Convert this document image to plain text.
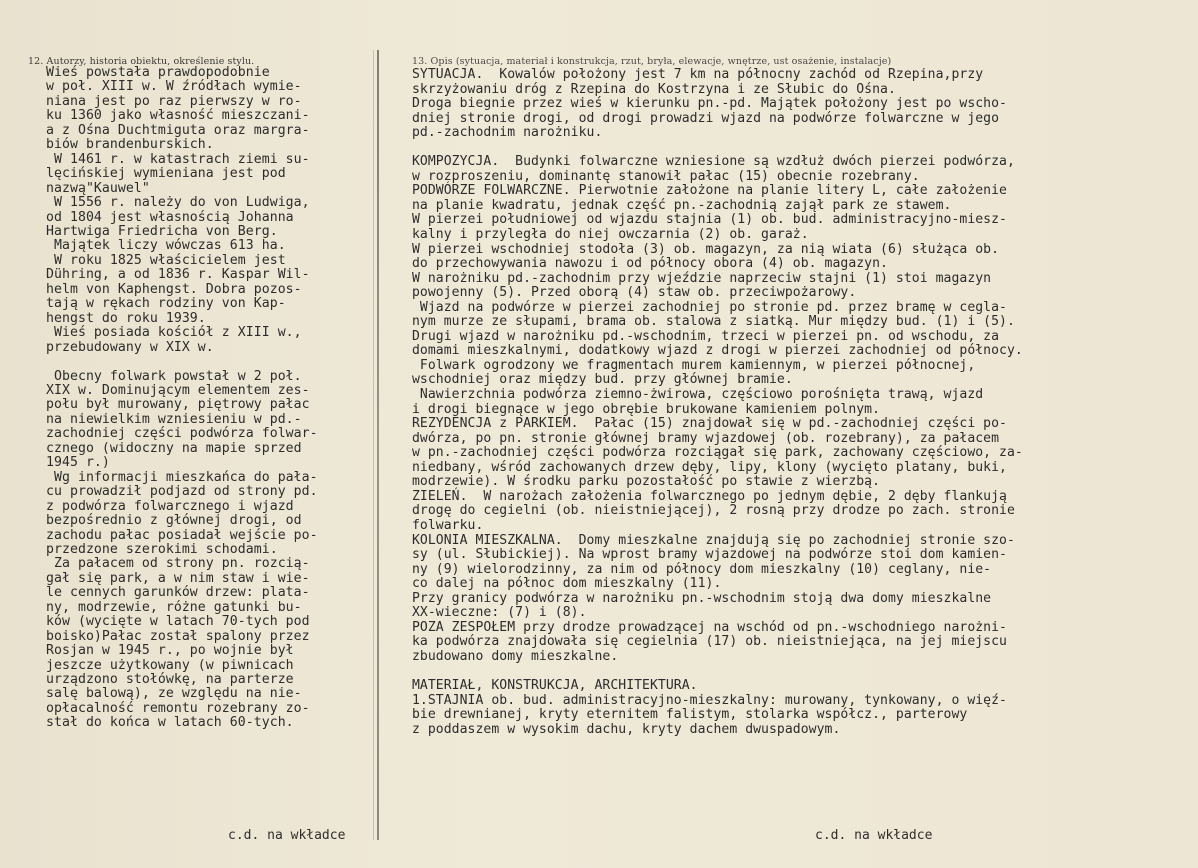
12. Autorzy, historia obiektu, określenie stylu.	13. Opis (sytuacja, materiał i konstrukcja, rzut, bryła, elewacje, wnętrze, ust osażenie, instalacje)
Wieś powstała prawdopodobnie
w poł. XIII w. W źródłach wymie-
niana jest po raz pierwszy w ro-
ku 1360 jako własność mieszczani-
a z Ośna Duchtmiguta oraz margra-
biów brandenburskich.
W 1461 r. w katastrach ziemi su-
lęcińskiej wymieniana jest pod
nazwą"Kauwel"
W 1556 r. należy do von Ludwiga,
od 1804 jest własnością Johanna
Hartwiga Friedricha von Berg.
Majątek liczy wówczas 613 ha.
W roku 1825 właścicielem jest
Dühring, a od 1836 r. Kaspar Wil-
helm von Kaphengst. Dobra pozos-
tają w rękach rodziny von Kap-
hengst do roku 1939.
Wieś posiada kościół z XIII w.,
przebudowany w XIX w.

Obecny folwark powstał w 2 poł.
XIX w. Dominującym elementem zes-
połu był murowany, piętrowy pałac
na niewielkim wzniesieniu w pd.-
zachodniej części podwórza folwar-
cznego (widoczny na mapie sprzed
1945 r.)
Wg informacji mieszkańca do pała-
cu prowadził podjazd od strony pd.
z podwórza folwarcznego i wjazd
bezpośrednio z głównej drogi, od
zachodu pałac posiadał wejście po-
przedzone szerokimi schodami.
Za pałacem od strony pn. rozcią-
gał się park, a w nim staw i wie-
le cennych garunków drzew: plata-
ny, modrzewie, różne gatunki bu-
ków (wycięte w latach 70-tych pod
boisko)Pałac został spalony przez
Rosjan w 1945 r., po wojnie był
jeszcze użytkowany (w piwnicach
urządzono stołówkę, na parterze
salę balową), ze względu na nie-
opłacalność remontu rozebrany zo-
stał do końca w latach 60-tych.
SYTUACJA.  Kowalów położony jest 7 km na północny zachód od Rzepina,przy
skrzyżowaniu dróg z Rzepina do Kostrzyna i ze Słubic do Ośna.
Droga biegnie przez wieś w kierunku pn.-pd. Majątek położony jest po wscho-
dniej stronie drogi, od drogi prowadzi wjazd na podwórze folwarczne w jego
pd.-zachodnim narożniku.

KOMPOZYCJA.  Budynki folwarczne wzniesione są wzdłuż dwóch pierzei podwórza,
w rozproszeniu, dominantę stanowił pałac (15) obecnie rozebrany.
PODWÓRZE FOLWARCZNE. Pierwotnie założone na planie litery L, całe założenie
na planie kwadratu, jednak część pn.-zachodnią zajął park ze stawem.
W pierzei południowej od wjazdu stajnia (1) ob. bud. administracyjno-miesz-
kalny i przyległa do niej owczarnia (2) ob. garaż.
W pierzei wschodniej stodoła (3) ob. magazyn, za nią wiata (6) służąca ob.
do przechowywania nawozu i od północy obora (4) ob. magazyn.
W narożniku pd.-zachodnim przy wjeździe naprzeciw stajni (1) stoi magazyn
powojenny (5). Przed oborą (4) staw ob. przeciwpożarowy.
Wjazd na podwórze w pierzei zachodniej po stronie pd. przez bramę w cegla-
nym murze ze słupami, brama ob. stalowa z siatką. Mur między bud. (1) i (5).
Drugi wjazd w narożniku pd.-wschodnim, trzeci w pierzei pn. od wschodu, za
domami mieszkalnymi, dodatkowy wjazd z drogi w pierzei zachodniej od północy.
Folwark ogrodzony we fragmentach murem kamiennym, w pierzei północnej,
wschodniej oraz między bud. przy głównej bramie.
Nawierzchnia podwórza ziemno-żwirowa, częściowo porośnięta trawą, wjazd
i drogi biegnące w jego obrębie brukowane kamieniem polnym.
REZYDENCJA z PARKIEM.  Pałac (15) znajdował się w pd.-zachodniej części po-
dwórza, po pn. stronie głównej bramy wjazdowej (ob. rozebrany), za pałacem
w pn.-zachodniej części podwórza rozciągał się park, zachowany częściowo, za-
niedbany, wśród zachowanych drzew dęby, lipy, klony (wycięto platany, buki,
modrzewie). W środku parku pozostałość po stawie z wierzbą.
ZIELEŃ.  W narożach założenia folwarcznego po jednym dębie, 2 dęby flankują
drogę do cegielni (ob. nieistniejącej), 2 rosną przy drodze po zach. stronie
folwarku.
KOLONIA MIESZKALNA.  Domy mieszkalne znajdują się po zachodniej stronie szo-
sy (ul. Słubickiej). Na wprost bramy wjazdowej na podwórze stoi dom kamien-
ny (9) wielorodzinny, za nim od północy dom mieszkalny (10) ceglany, nie-
co dalej na północ dom mieszkalny (11).
Przy granicy podwórza w narożniku pn.-wschodnim stoją dwa domy mieszkalne
XX-wieczne: (7) i (8).
POZA ZESPOŁEM przy drodze prowadzącej na wschód od pn.-wschodniego narożni-
ka podwórza znajdowała się cegielnia (17) ob. nieistniejąca, na jej miejscu
zbudowano domy mieszkalne.

MATERIAŁ, KONSTRUKCJA, ARCHITEKTURA.
1.STAJNIA ob. bud. administracyjno-mieszkalny: murowany, tynkowany, o więź-
bie drewnianej, kryty eternitem falistym, stolarka współcz., parterowy
z poddaszem w wysokim dachu, kryty dachem dwuspadowym.
c.d. na wkładce	c.d. na wkładce
